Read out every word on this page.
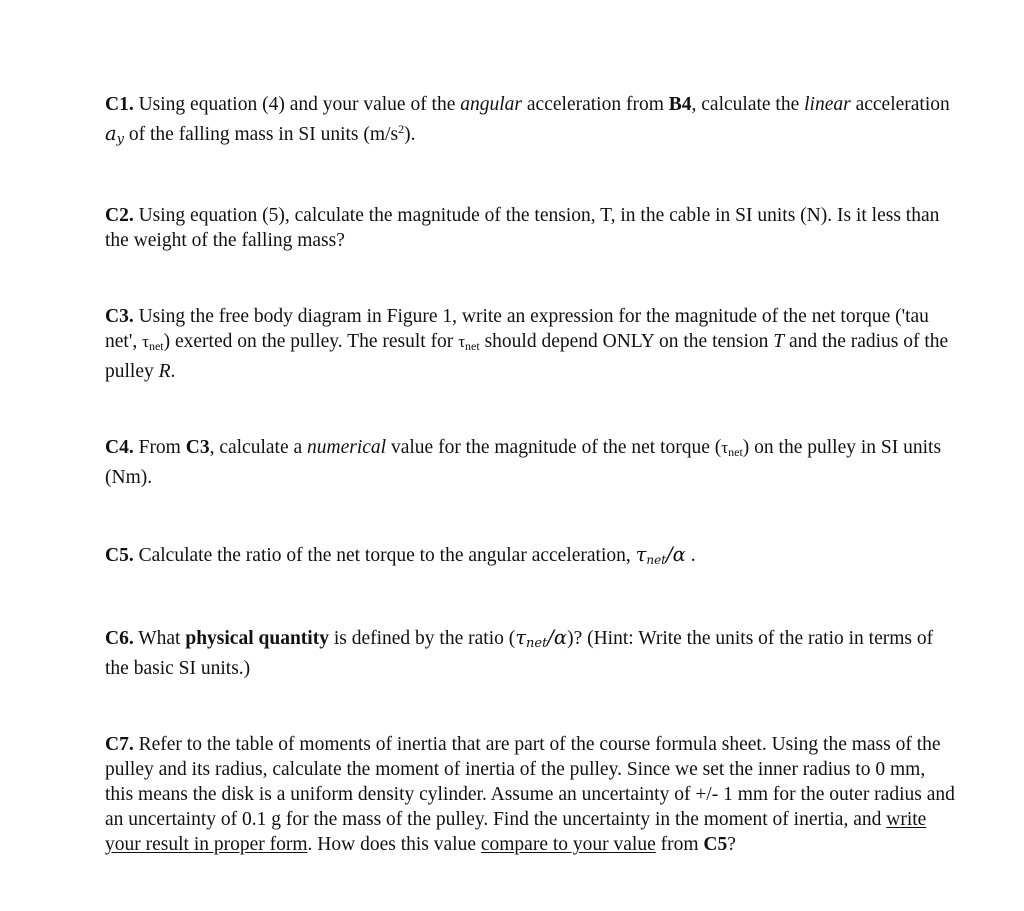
C1. Using equation (4) and your value of the angular acceleration from B4, calculate the linear acceleration $a_y$ of the falling mass in SI units $(m/s^2)$.

C2. Using equation (5), calculate the magnitude of the tension, T, in the cable in SI units (N). Is it less than the weight of the falling mass?

C3. Using the free body diagram in Figure 1, write an expression for the magnitude of the net torque ('tau net', τnet) exerted on the pulley. The result for τnet should depend ONLY on the tension T and the radius of the pulley R.

C4. From C3, calculate a numerical value for the magnitude of the net torque (τnet) on the pulley in SI units (Nm).

C5. Calculate the ratio of the net torque to the angular acceleration, τnet/α .

C6. What physical quantity is defined by the ratio $(\tau_{net}/\alpha)$? (Hint: Write the units of the ratio in terms of the basic SI units.)

C7. Refer to the table of moments of inertia that are part of the course formula sheet. Using the mass of the pulley and its radius, calculate the moment of inertia of the pulley. Since we set the inner radius to 0 mm, this means the disk is a uniform density cylinder. Assume an uncertainty of +/- 1 mm for the outer radius and an uncertainty of 0.1 g for the mass of the pulley. Find the uncertainty in the moment of inertia, and write your result in proper form. How does this value compare to your value from C5?
